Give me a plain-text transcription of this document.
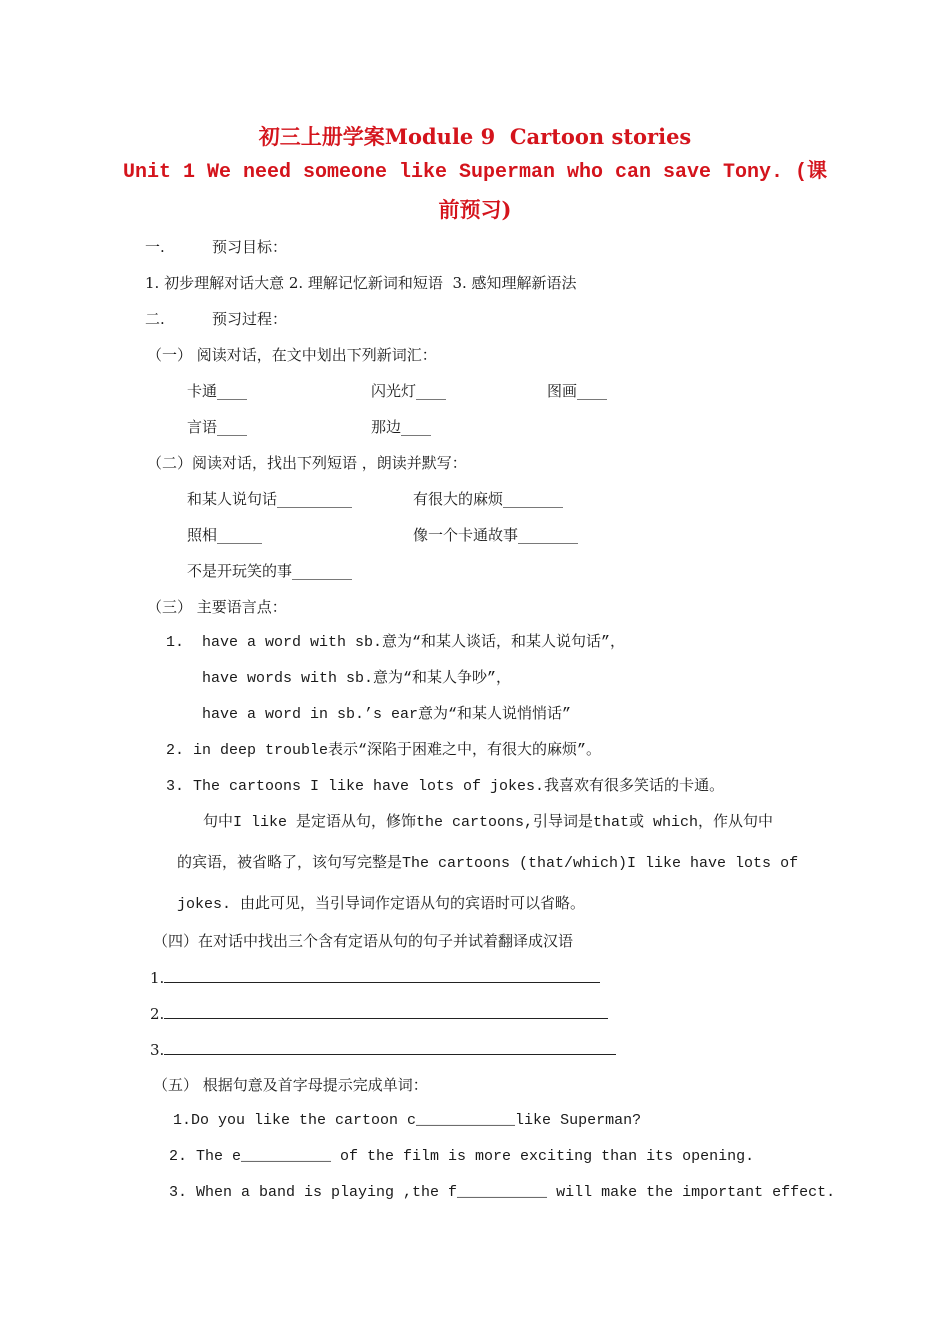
初三上册学案Module 9  Cartoon stories
Unit 1 We need someone like Superman who can save Tony. (课
前预习)
一.	预习目标：
1. 初步理解对话大意 2. 理解记忆新词和短语  3. 感知理解新语法
二.	预习过程：
（一） 阅读对话，在文中划出下列新词汇：
卡通____	闪光灯____	图画____
言语____	那边____
（二）阅读对话，找出下列短语 ，朗读并默写：
和某人说句话__________	有很大的麻烦________
照相______	像一个卡通故事________
不是开玩笑的事________
（三） 主要语言点：
1. have a word with sb.意为“和某人谈话，和某人说句话”，
have words with sb.意为“和某人争吵”，
have a word in sb.’s ear意为“和某人说悄悄话”
2. in deep trouble表示“深陷于困难之中，有很大的麻烦”。
3. The cartoons I like have lots of jokes.我喜欢有很多笑话的卡通。
句中I like 是定语从句，修饰the cartoons,引导词是that或 which，作从句中
的宾语，被省略了，该句写完整是The cartoons (that/which)I like have lots of
jokes. 由此可见，当引导词作定语从句的宾语时可以省略。
（四）在对话中找出三个含有定语从句的句子并试着翻译成汉语
1.
2.
3.
（五） 根据句意及首字母提示完成单词：
1.Do you like the cartoon c___________like Superman?
2. The e__________ of the film is more exciting than its opening.
3. When a band is playing ,the f__________ will make the important effect.
